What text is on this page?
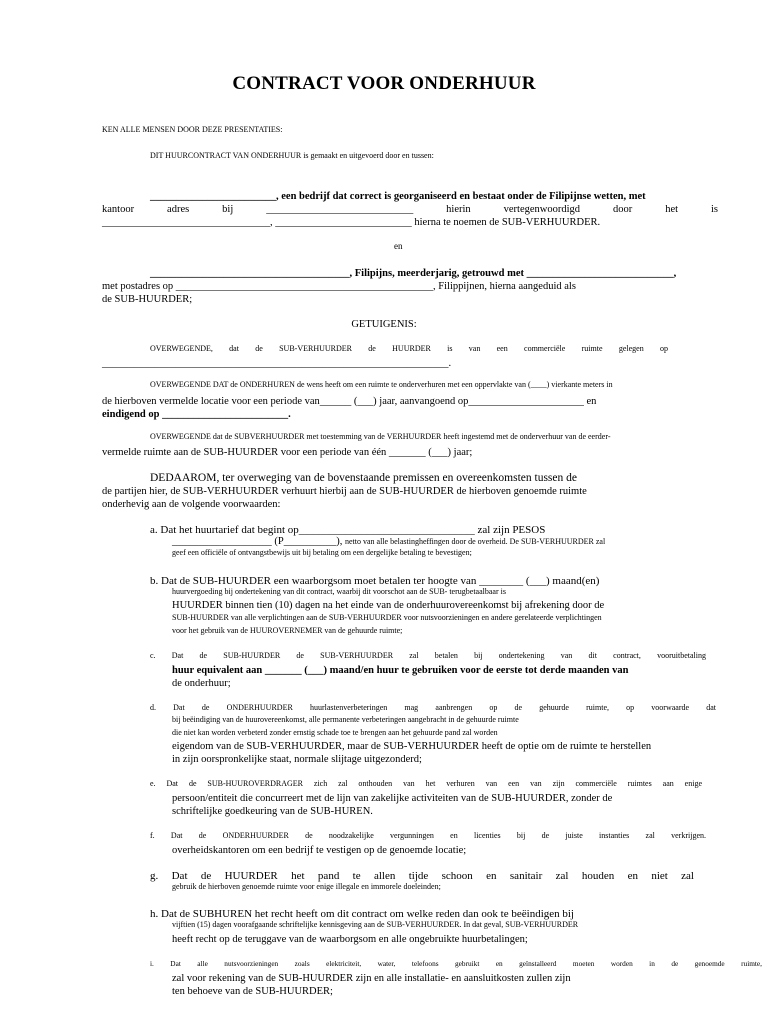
CONTRACT VOOR ONDERHUUR
KEN ALLE MENSEN DOOR DEZE PRESENTATIES:
DIT HUURCONTRACT VAN ONDERHUUR is gemaakt en uitgevoerd door en tussen:
________________________, een bedrijf dat correct is georganiseerd en bestaat onder de Filipijnse wetten, met
kantoor adres bij ____________________________ hierin vertegenwoordigd door het is
________________________________, __________________________ hierna te noemen de SUB-VERHUURDER.
en
______________________________________, Filipijns, meerderjarig, getrouwd met ____________________________,
met postadres op _________________________________________________, Filippijnen, hierna aangeduid als
de SUB-HUURDER;
GETUIGENIS:
OVERWEGENDE, dat de SUB-VERHUURDER de HUURDER is van een commerciële ruimte gelegen op
__________________________________________________________________.
OVERWEGENDE DAT de ONDERHUREN de wens heeft om een ruimte te onderverhuren met een oppervlakte van (____) vierkante meters in
de hierboven vermelde locatie voor een periode van______ (___) jaar, aanvangoend op______________________ en
eindigend op ________________________.
OVERWEGENDE dat de SUBVERHUURDER met toestemming van de VERHUURDER heeft ingestemd met de onderverhuur van de eerder-
vermelde ruimte aan de SUB-HUURDER voor een periode van één _______ (___) jaar;
DEDAAROM, ter overweging van de bovenstaande premissen en overeenkomsten tussen de
de partijen hier, de SUB-VERHUURDER verhuurt hierbij aan de SUB-HUURDER de hierboven genoemde ruimte
onderhevig aan de volgende voorwaarden:
a. Dat het huurtarief dat begint op________________________________ zal zijn PESOS
___________________ (P__________), netto van alle belastingheffingen door de overheid. De SUB-VERHUURDER zal
geef een officiële of ontvangstbewijs uit bij betaling om een dergelijke betaling te bevestigen;
b. Dat de SUB-HUURDER een waarborgsom moet betalen ter hoogte van ________ (___) maand(en)
huurvergoeding bij ondertekening van dit contract, waarbij dit voorschot aan de SUB- terugbetaalbaar is
HUURDER binnen tien (10) dagen na het einde van de onderhuurovereenkomst bij afrekening door de
SUB-HUURDER van alle verplichtingen aan de SUB-VERHUURDER voor nutsvoorzieningen en andere gerelateerde verplichtingen
voor het gebruik van de HUUROVERNEMER van de gehuurde ruimte;
c. Dat de SUB-HUURDER de SUB-VERHUURDER zal betalen bij ondertekening van dit contract, vooruitbetaling
huur equivalent aan _______ (___) maand/en huur te gebruiken voor de eerste tot derde maanden van
de onderhuur;
d. Dat de ONDERHUURDER huurlastenverbeteringen mag aanbrengen op de gehuurde ruimte, op voorwaarde dat
bij beëindiging van de huurovereenkomst, alle permanente verbeteringen aangebracht in de gehuurde ruimte
die niet kan worden verbeterd zonder ernstig schade toe te brengen aan het gehuurde pand zal worden
eigendom van de SUB-VERHUURDER, maar de SUB-VERHUURDER heeft de optie om de ruimte te herstellen
in zijn oorspronkelijke staat, normale slijtage uitgezonderd;
e. Dat de SUB-HUUROVERDRAGER zich zal onthouden van het verhuren van een van zijn commerciële ruimtes aan enige
persoon/entiteit die concurreert met de lijn van zakelijke activiteiten van de SUB-HUURDER, zonder de
schriftelijke goedkeuring van de SUB-HUREN.
f. Dat de ONDERHUURDER de noodzakelijke vergunningen en licenties bij de juiste instanties zal verkrijgen.
overheidskantoren om een bedrijf te vestigen op de genoemde locatie;
g. Dat de HUURDER het pand te allen tijde schoon en sanitair zal houden en niet zal
gebruik de hierboven genoemde ruimte voor enige illegale en immorele doeleinden;
h. Dat de SUBHUREN het recht heeft om dit contract om welke reden dan ook te beëindigen bij
vijftien (15) dagen voorafgaande schriftelijke kennisgeving aan de SUB-VERHUURDER. In dat geval, SUB-VERHUURDER
heeft recht op de teruggave van de waarborgsom en alle ongebruikte huurbetalingen;
i. Dat alle nutsvoorzieningen zoals elektriciteit, water, telefoons gebruikt en geïnstalleerd moeten worden in de genoemde ruimte,
zal voor rekening van de SUB-HUURDER zijn en alle installatie- en aansluitkosten zullen zijn
ten behoeve van de SUB-HUURDER;
